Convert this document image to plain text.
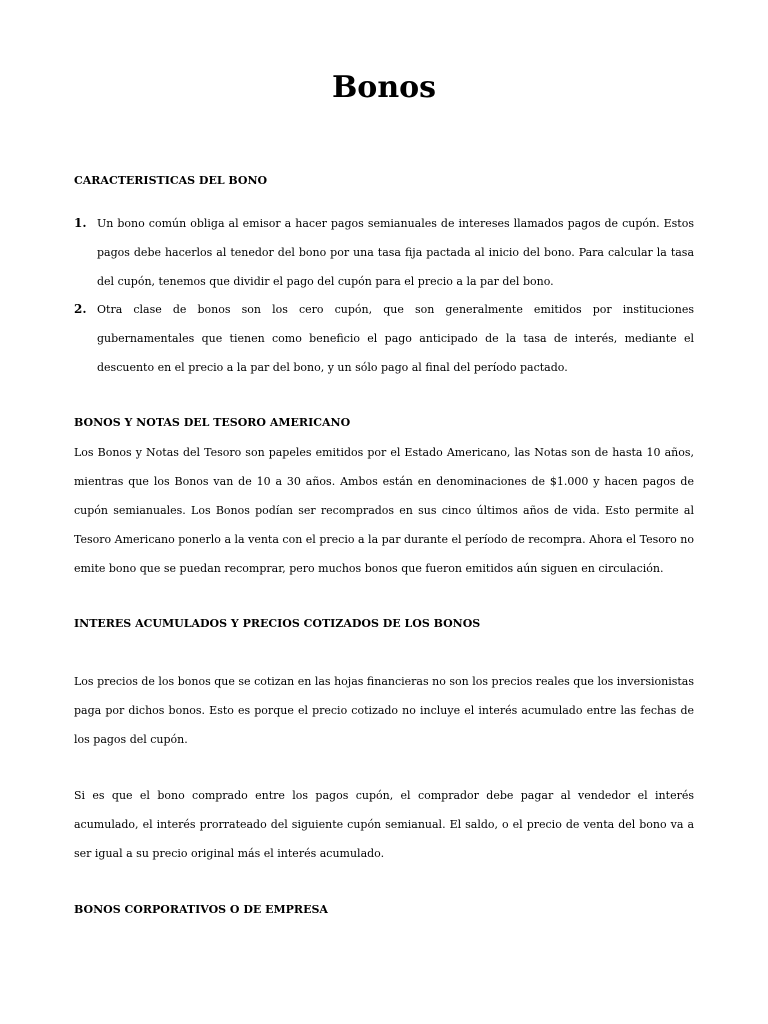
Bonos
CARACTERISTICAS DEL BONO
1. Un bono común obliga al emisor a hacer pagos semianuales de intereses llamados pagos de cupón. Estos pagos debe hacerlos al tenedor del bono por una tasa fija pactada al inicio del bono. Para calcular la tasa del cupón, tenemos que dividir el pago del cupón para el precio a la par del bono.
2. Otra clase de bonos son los cero cupón, que son generalmente emitidos por instituciones gubernamentales que tienen como beneficio el pago anticipado de la tasa de interés, mediante el descuento en el precio a la par del bono, y un sólo pago al final del período pactado.
BONOS Y NOTAS DEL TESORO AMERICANO
Los Bonos y Notas del Tesoro son papeles emitidos por el Estado Americano, las Notas son de hasta 10 años, mientras que los Bonos van de 10 a 30 años. Ambos están en denominaciones de $1.000 y hacen pagos de cupón semianuales. Los Bonos podían ser recomprados en sus cinco últimos años de vida. Esto permite al Tesoro Americano ponerlo a la venta con el precio a la par durante el período de recompra. Ahora el Tesoro no emite bono que se puedan recomprar, pero muchos bonos que fueron emitidos aún siguen en circulación.
INTERES ACUMULADOS Y PRECIOS COTIZADOS DE LOS BONOS
Los precios de los bonos que se cotizan en las hojas financieras no son los precios reales que los inversionistas paga por dichos bonos. Esto es porque el precio cotizado no incluye el interés acumulado entre las fechas de los pagos del cupón.
Si es que el bono comprado entre los pagos cupón, el comprador debe pagar al vendedor el interés acumulado, el interés prorrateado del siguiente cupón semianual. El saldo, o el precio de venta del bono va a ser igual a su precio original más el interés acumulado.
BONOS CORPORATIVOS O DE EMPRESA
